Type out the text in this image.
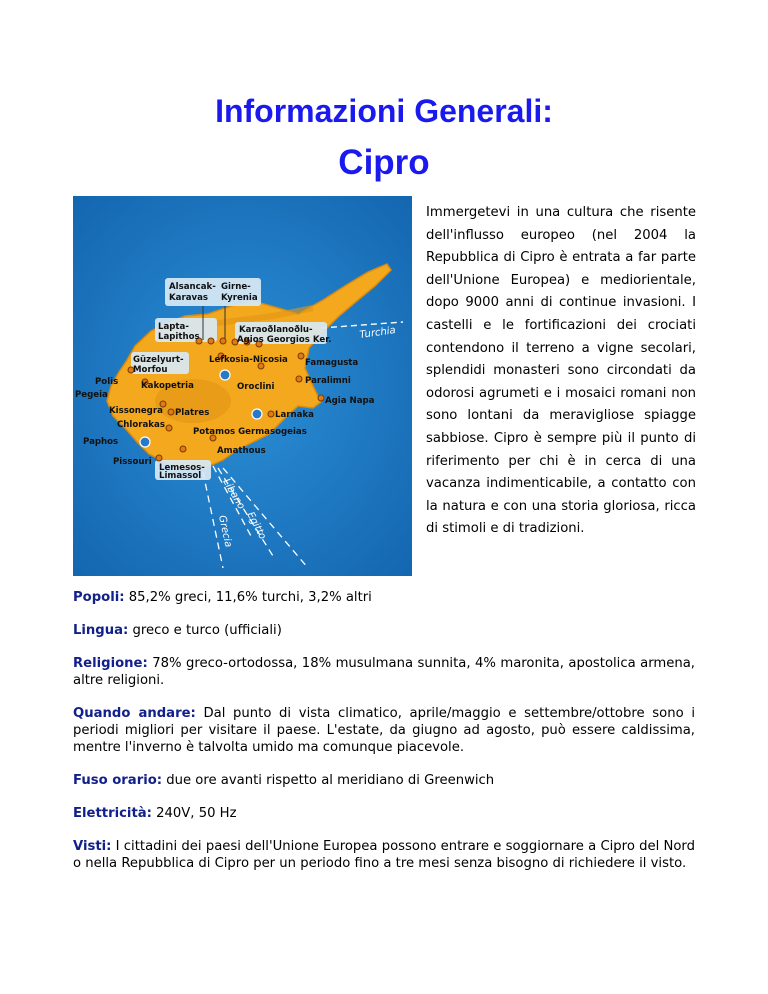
Informazioni Generali:
Cipro
Turchia
Libano
Egitto
Grecia
Alsancak-
Karavas
Girne-
Kyrenia
Lapta-
Lapithos
Karaoðlanoðlu-
Agios Georgios Ker.
Güzelyurt-
Morfou
Lefkosia-Nicosia Famagusta
Polis	Kakopetria	Paralimni
Pegeia
Oroclini
Agia Napa
Kissonegra Platres	Larnaka
Chlorakas
Potamos Germasogeias
Paphos
Amathous
Pissouri
Lemesos-
Limassol

Immergetevi in una cultura che risente dell'influsso europeo (nel 2004 la Repubblica di Cipro è entrata a far parte dell'Unione Europea) e mediorientale, dopo 9000 anni di continue invasioni. I castelli e le fortificazioni dei crociati contendono il terreno a vigne secolari, splendidi monasteri sono circondati da odorosi agrumeti e i mosaici romani non sono lontani da meravigliose spiagge sabbiose. Cipro è sempre più il punto di riferimento per chi è in cerca di una vacanza indimenticabile, a contatto con la natura e con una storia gloriosa, ricca di stimoli e di tradizioni.

Popoli: 85,2% greci, 11,6% turchi, 3,2% altri

Lingua: greco e turco (ufficiali)

Religione: 78% greco-ortodossa, 18% musulmana sunnita, 4% maronita, apostolica armena, altre religioni.

Quando andare: Dal punto di vista climatico, aprile/maggio e settembre/ottobre sono i periodi migliori per visitare il paese. L'estate, da giugno ad agosto, può essere caldissima, mentre l'inverno è talvolta umido ma comunque piacevole.

Fuso orario: due ore avanti rispetto al meridiano di Greenwich

Elettricità: 240V, 50 Hz

Visti: I cittadini dei paesi dell'Unione Europea possono entrare e soggiornare a Cipro del Nord o nella Repubblica di Cipro per un periodo fino a tre mesi senza bisogno di richiedere il visto.
